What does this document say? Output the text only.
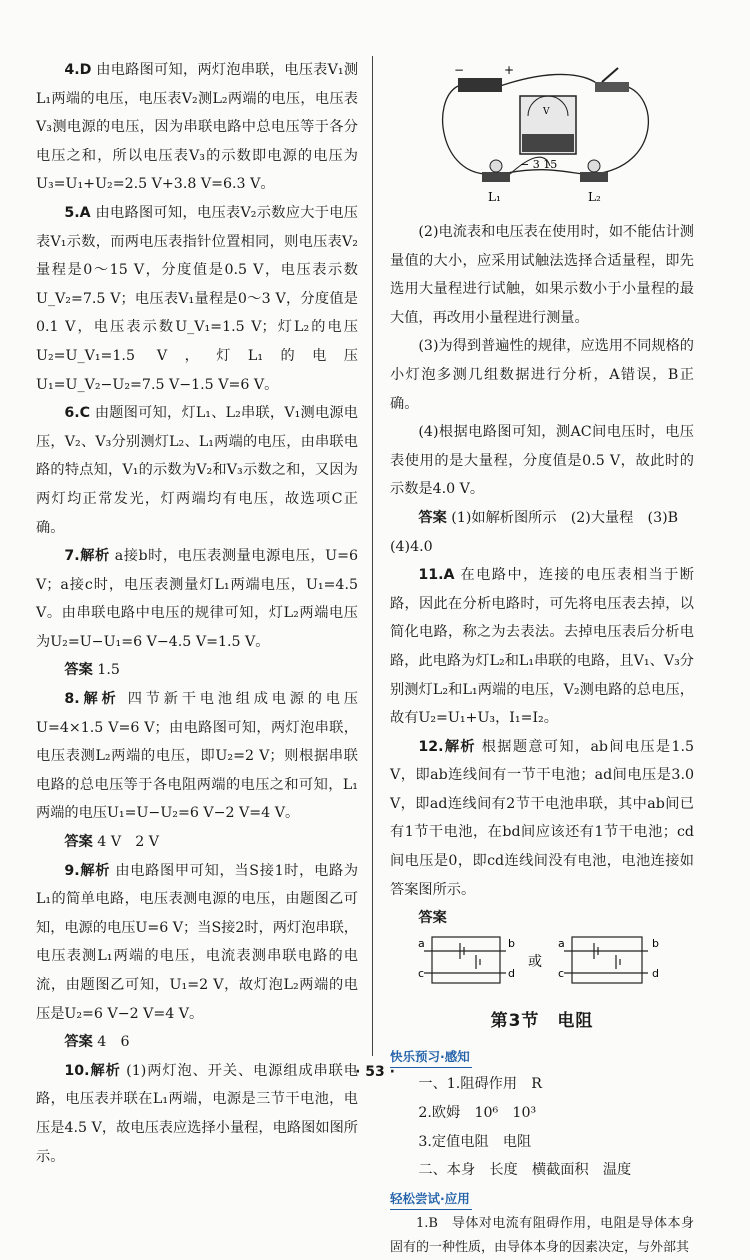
4.D 由电路图可知，两灯泡串联，电压表V₁测L₁两端的电压，电压表V₂测L₂两端的电压，电压表V₃测电源的电压，因为串联电路中总电压等于各分电压之和，所以电压表V₃的示数即电源的电压为U₃=U₁+U₂=2.5 V+3.8 V=6.3 V。

5.A 由电路图可知，电压表V₂示数应大于电压表V₁示数，而两电压表指针位置相同，则电压表V₂量程是0～15 V，分度值是0.5 V，电压表示数U_V₂=7.5 V；电压表V₁量程是0～3 V，分度值是0.1 V，电压表示数U_V₁=1.5 V；灯L₂的电压U₂=U_V₁=1.5 V，灯L₁的电压U₁=U_V₂−U₂=7.5 V−1.5 V=6 V。

6.C 由题图可知，灯L₁、L₂串联，V₁测电源电压，V₂、V₃分别测灯L₂、L₁两端的电压，由串联电路的特点知，V₁的示数为V₂和V₃示数之和，又因为两灯均正常发光，灯两端均有电压，故选项C正确。

7.解析 a接b时，电压表测量电源电压，U=6 V；a接c时，电压表测量灯L₁两端电压，U₁=4.5 V。由串联电路中电压的规律可知，灯L₂两端电压为U₂=U−U₁=6 V−4.5 V=1.5 V。

答案 1.5

8.解析 四节新干电池组成电源的电压U=4×1.5 V=6 V；由电路图可知，两灯泡串联，电压表测L₂两端的电压，即U₂=2 V；则根据串联电路的总电压等于各电阻两端的电压之和可知，L₁两端的电压U₁=U−U₂=6 V−2 V=4 V。

答案 4 V　2 V

9.解析 由电路图甲可知，当S接1时，电路为L₁的简单电路，电压表测电源的电压，由题图乙可知，电源的电压U=6 V；当S接2时，两灯泡串联，电压表测L₁两端的电压，电流表测串联电路的电流，由题图乙可知，U₁=2 V，故灯泡L₂两端的电压是U₂=6 V−2 V=4 V。

答案 4　6

10.解析 (1)两灯泡、开关、电源组成串联电路，电压表并联在L₁两端，电源是三节干电池，电压是4.5 V，故电压表应选择小量程，电路图如图所示。

−	+
V
− 3 15
L₁	L₂

(2)电流表和电压表在使用时，如不能估计测量值的大小，应采用试触法选择合适量程，即先选用大量程进行试触，如果示数小于小量程的最大值，再改用小量程进行测量。

(3)为得到普遍性的规律，应选用不同规格的小灯泡多测几组数据进行分析，A错误，B正确。

(4)根据电路图可知，测AC间电压时，电压表使用的是大量程，分度值是0.5 V，故此时的示数是4.0 V。

答案 (1)如解析图所示　(2)大量程　(3)B　(4)4.0

11.A 在电路中，连接的电压表相当于断路，因此在分析电路时，可先将电压表去掉，以简化电路，称之为去表法。去掉电压表后分析电路，此电路为灯L₂和L₁串联的电路，且V₁、V₃分别测灯L₂和L₁两端的电压，V₂测电路的总电压，故有U₂=U₁+U₃，I₁=I₂。

12.解析 根据题意可知，ab间电压是1.5 V，即ab连线间有一节干电池；ad间电压是3.0 V，即ad连线间有2节干电池串联，其中ab间已有1节干电池，在bd间应该还有1节干电池；cd间电压是0，即cd连线间没有电池，电池连接如答案图所示。

答案

a
c
b
d
或
a
c
b
d
第3节　电阻
快乐预习·感知
一、1.阻碍作用　R
2.欧姆　10⁶　10³
3.定值电阻　电阻
二、本身　长度　横截面积　温度
轻松尝试·应用

1.B　导体对电流有阻碍作用，电阻是导体本身固有的一种性质，由导体本身的因素决定，与外部其

· 53 ·
